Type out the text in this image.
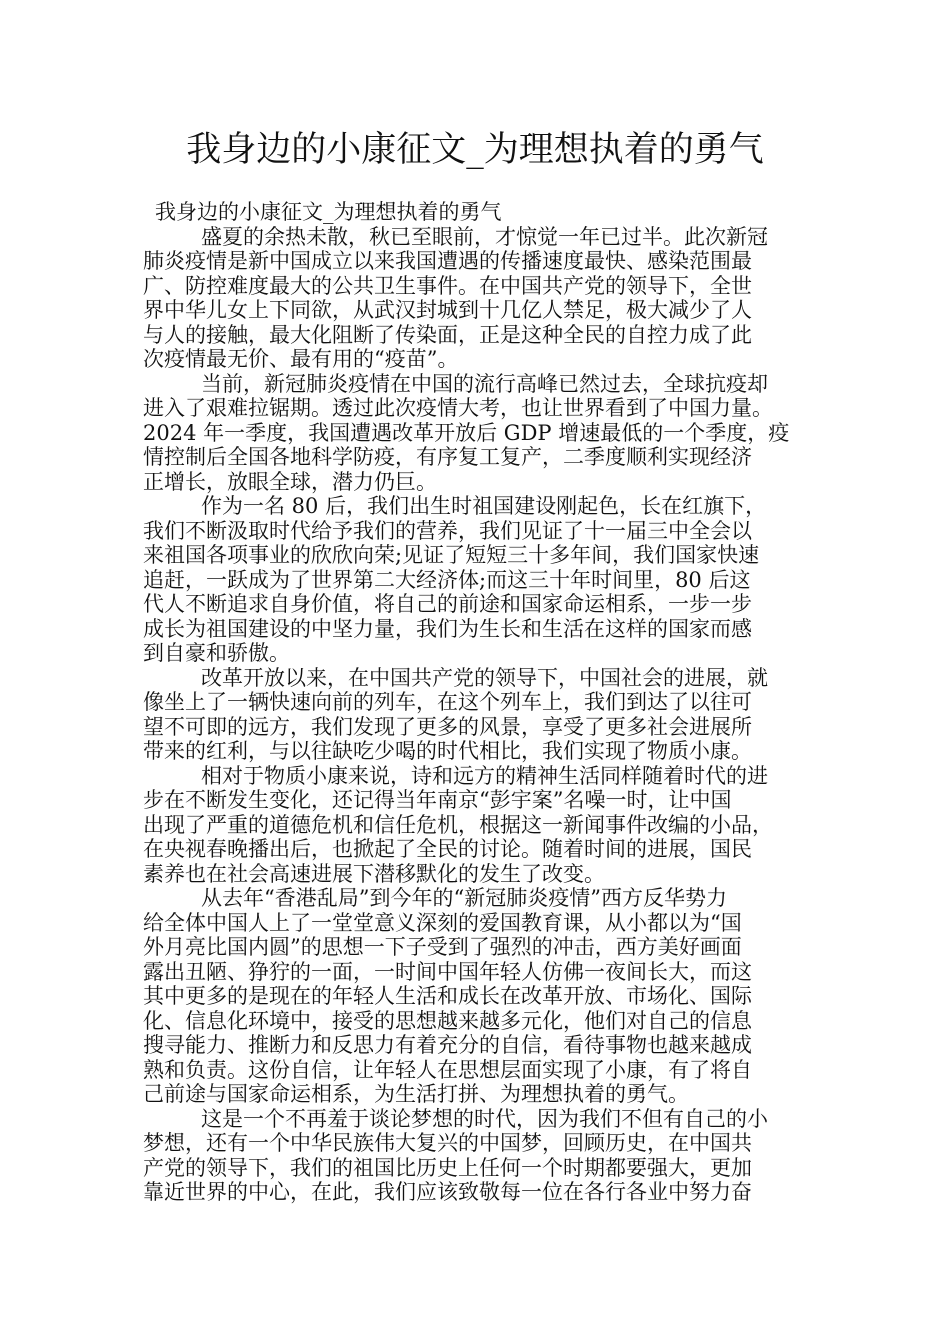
我身边的小康征文_为理想执着的勇气
我身边的小康征文_为理想执着的勇气
盛夏的余热未散，秋已至眼前，才惊觉一年已过半。此次新冠
肺炎疫情是新中国成立以来我国遭遇的传播速度最快、感染范围最
广、防控难度最大的公共卫生事件。在中国共产党的领导下，全世
界中华儿女上下同欲，从武汉封城到十几亿人禁足，极大减少了人
与人的接触，最大化阻断了传染面，正是这种全民的自控力成了此
次疫情最无价、最有用的“疫苗”。
当前，新冠肺炎疫情在中国的流行高峰已然过去，全球抗疫却
进入了艰难拉锯期。透过此次疫情大考，也让世界看到了中国力量。
2024 年一季度，我国遭遇改革开放后 GDP 增速最低的一个季度，疫
情控制后全国各地科学防疫，有序复工复产，二季度顺利实现经济
正增长，放眼全球，潜力仍巨。
作为一名 80 后，我们出生时祖国建设刚起色，长在红旗下，
我们不断汲取时代给予我们的营养，我们见证了十一届三中全会以
来祖国各项事业的欣欣向荣;见证了短短三十多年间，我们国家快速
追赶，一跃成为了世界第二大经济体;而这三十年时间里，80 后这
代人不断追求自身价值，将自己的前途和国家命运相系，一步一步
成长为祖国建设的中坚力量，我们为生长和生活在这样的国家而感
到自豪和骄傲。
改革开放以来，在中国共产党的领导下，中国社会的进展，就
像坐上了一辆快速向前的列车，在这个列车上，我们到达了以往可
望不可即的远方，我们发现了更多的风景，享受了更多社会进展所
带来的红利，与以往缺吃少喝的时代相比，我们实现了物质小康。
相对于物质小康来说，诗和远方的精神生活同样随着时代的进
步在不断发生变化，还记得当年南京“彭宇案”名噪一时，让中国
出现了严重的道德危机和信任危机，根据这一新闻事件改编的小品，
在央视春晚播出后，也掀起了全民的讨论。随着时间的进展，国民
素养也在社会高速进展下潜移默化的发生了改变。
从去年“香港乱局”到今年的“新冠肺炎疫情”西方反华势力
给全体中国人上了一堂堂意义深刻的爱国教育课，从小都以为“国
外月亮比国内圆”的思想一下子受到了强烈的冲击，西方美好画面
露出丑陋、狰狞的一面，一时间中国年轻人仿佛一夜间长大，而这
其中更多的是现在的年轻人生活和成长在改革开放、市场化、国际
化、信息化环境中，接受的思想越来越多元化，他们对自己的信息
搜寻能力、推断力和反思力有着充分的自信，看待事物也越来越成
熟和负责。这份自信，让年轻人在思想层面实现了小康，有了将自
己前途与国家命运相系，为生活打拼、为理想执着的勇气。
这是一个不再羞于谈论梦想的时代，因为我们不但有自己的小
梦想，还有一个中华民族伟大复兴的中国梦，回顾历史，在中国共
产党的领导下，我们的祖国比历史上任何一个时期都要强大，更加
靠近世界的中心，在此，我们应该致敬每一位在各行各业中努力奋
